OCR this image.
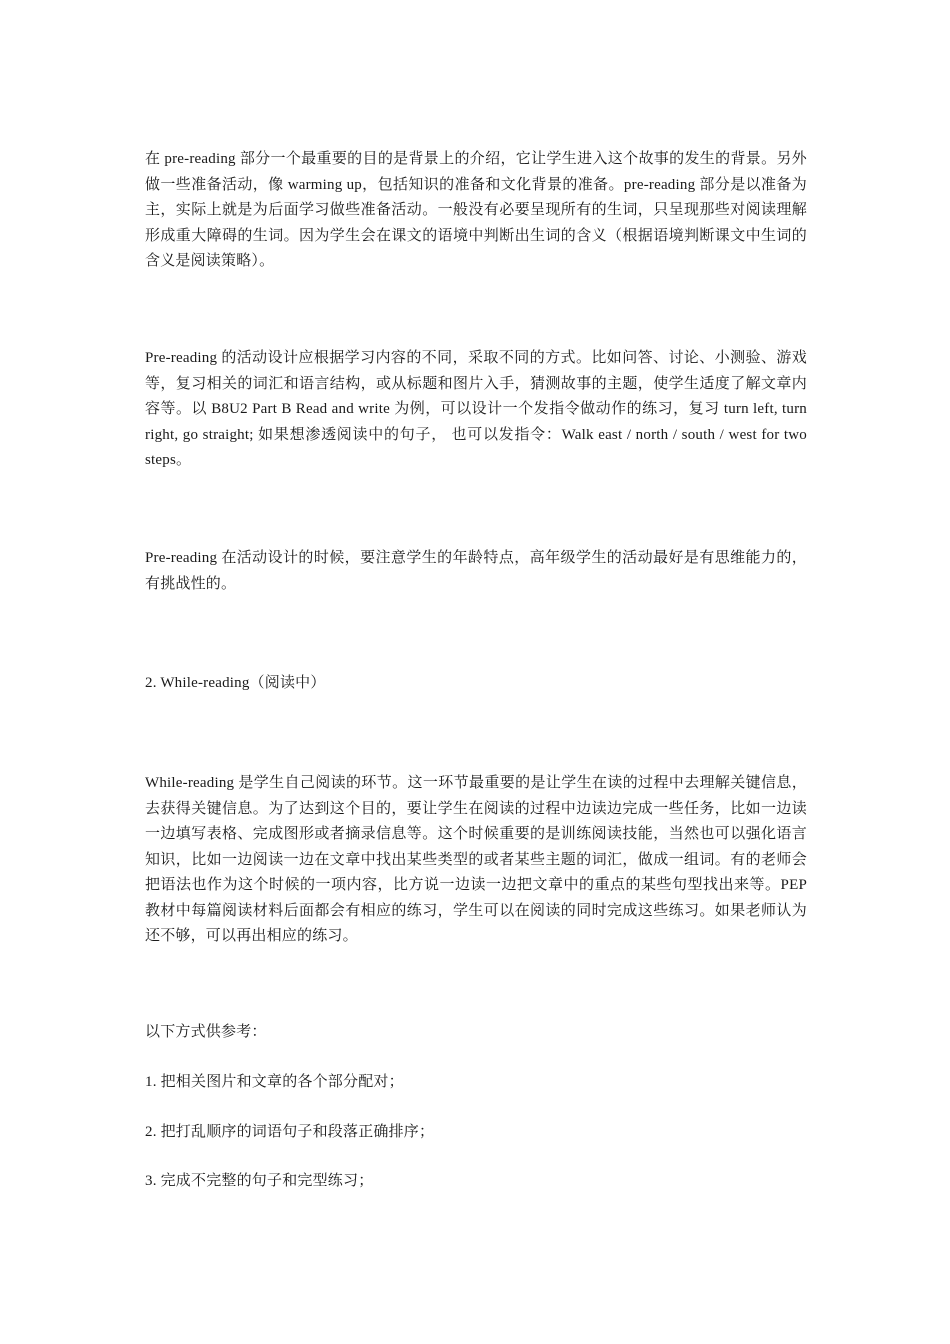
在 pre-reading 部分一个最重要的目的是背景上的介绍，它让学生进入这个故事的发生的背景。另外做一些准备活动，像 warming up，包括知识的准备和文化背景的准备。pre-reading 部分是以准备为主，实际上就是为后面学习做些准备活动。一般没有必要呈现所有的生词，只呈现那些对阅读理解形成重大障碍的生词。因为学生会在课文的语境中判断出生词的含义（根据语境判断课文中生词的含义是阅读策略）。

Pre-reading 的活动设计应根据学习内容的不同，采取不同的方式。比如问答、讨论、小测验、游戏等，复习相关的词汇和语言结构，或从标题和图片入手，猜测故事的主题，使学生适度了解文章内容等。以 B8U2 Part B Read and write 为例，可以设计一个发指令做动作的练习，复习 turn left, turn right, go straight; 如果想渗透阅读中的句子， 也可以发指令：Walk east / north / south / west for two steps。

Pre-reading 在活动设计的时候，要注意学生的年龄特点，高年级学生的活动最好是有思维能力的，有挑战性的。

2. While-reading（阅读中）

While-reading 是学生自己阅读的环节。这一环节最重要的是让学生在读的过程中去理解关键信息，去获得关键信息。为了达到这个目的，要让学生在阅读的过程中边读边完成一些任务，比如一边读一边填写表格、完成图形或者摘录信息等。这个时候重要的是训练阅读技能，当然也可以强化语言知识，比如一边阅读一边在文章中找出某些类型的或者某些主题的词汇，做成一组词。有的老师会把语法也作为这个时候的一项内容，比方说一边读一边把文章中的重点的某些句型找出来等。PEP 教材中每篇阅读材料后面都会有相应的练习，学生可以在阅读的同时完成这些练习。如果老师认为还不够，可以再出相应的练习。

以下方式供参考：

1. 把相关图片和文章的各个部分配对；

2. 把打乱顺序的词语句子和段落正确排序；

3. 完成不完整的句子和完型练习；
